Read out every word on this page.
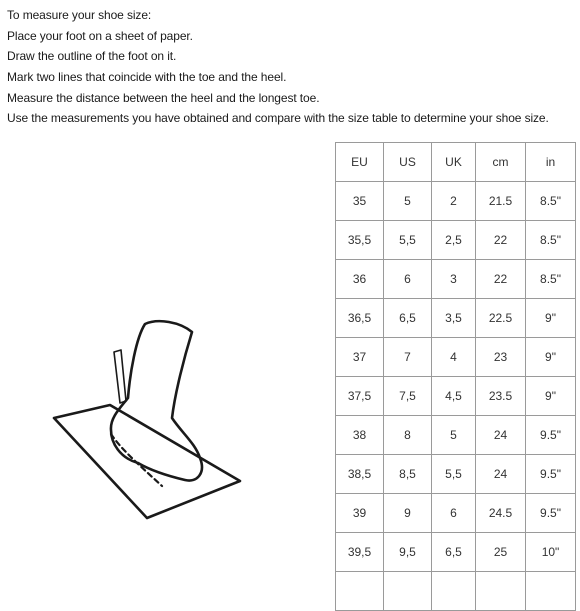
To measure your shoe size:
Place your foot on a sheet of paper.
Draw the outline of the foot on it.
Mark two lines that coincide with the toe and the heel.
Measure the distance between the heel and the longest toe.
Use the measurements you have obtained and compare with the size table to determine your shoe size.
EU	US	UK	cm	in
35	5	2	21.5	8.5"
35,5	5,5	2,5	22	8.5"
36	6	3	22	8.5"
36,5	6,5	3,5	22.5	9"
37	7	4	23	9"
37,5	7,5	4,5	23.5	9"
38	8	5	24	9.5"
38,5	8,5	5,5	24	9.5"
39	9	6	24.5	9.5"
39,5	9,5	6,5	25	10"
